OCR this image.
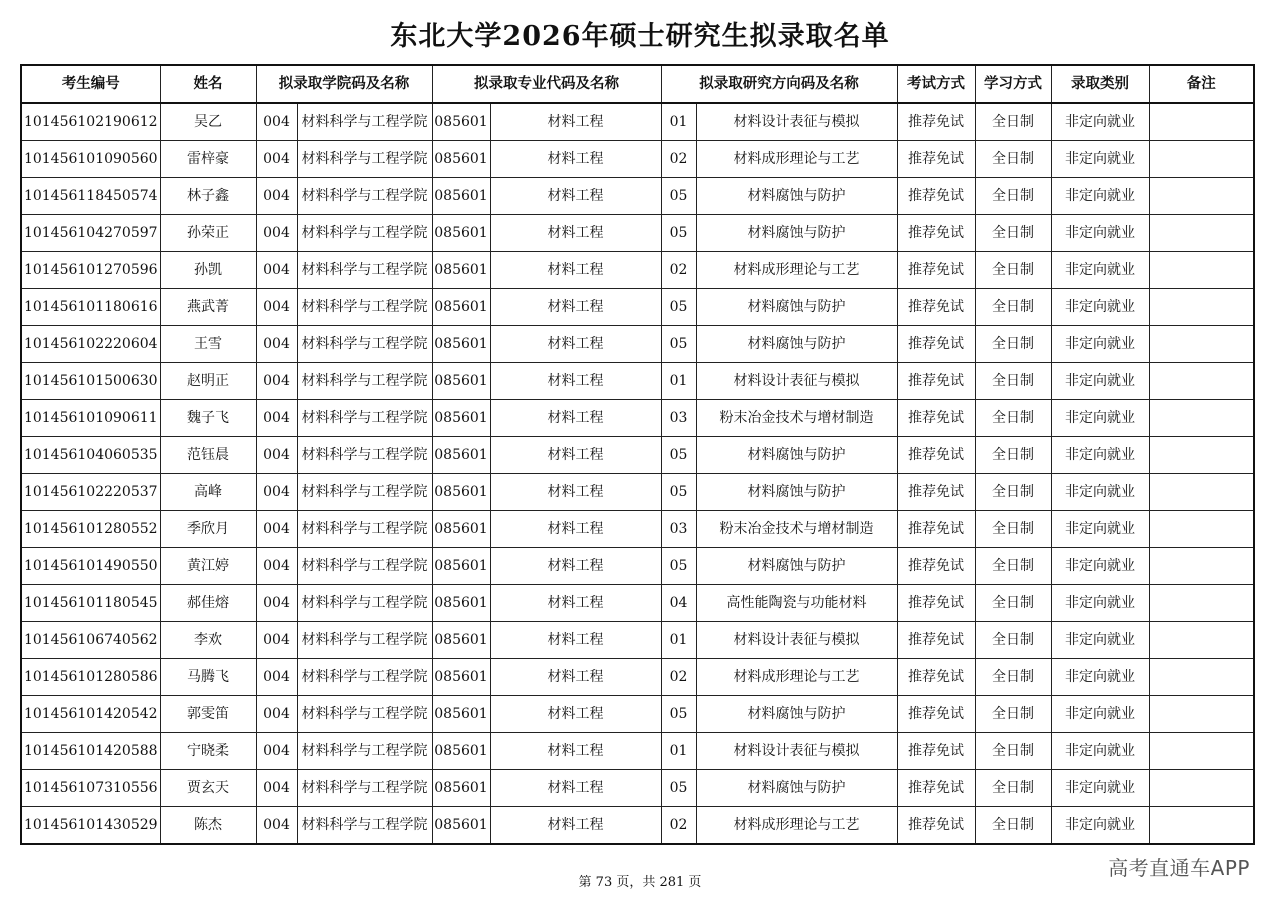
东北大学2026年硕士研究生拟录取名单
考生编号	姓名	拟录取学院码及名称		拟录取专业代码及名称		拟录取研究方向码及名称		考试方式	学习方式	录取类别	备注
101456102190612	吴乙	004	材料科学与工程学院	085601	材料工程	01	材料设计表征与模拟	推荐免试	全日制	非定向就业	
101456101090560	雷梓豪	004	材料科学与工程学院	085601	材料工程	02	材料成形理论与工艺	推荐免试	全日制	非定向就业	
101456118450574	林子鑫	004	材料科学与工程学院	085601	材料工程	05	材料腐蚀与防护	推荐免试	全日制	非定向就业	
101456104270597	孙荣正	004	材料科学与工程学院	085601	材料工程	05	材料腐蚀与防护	推荐免试	全日制	非定向就业	
101456101270596	孙凯	004	材料科学与工程学院	085601	材料工程	02	材料成形理论与工艺	推荐免试	全日制	非定向就业	
101456101180616	燕武菁	004	材料科学与工程学院	085601	材料工程	05	材料腐蚀与防护	推荐免试	全日制	非定向就业	
101456102220604	王雪	004	材料科学与工程学院	085601	材料工程	05	材料腐蚀与防护	推荐免试	全日制	非定向就业	
101456101500630	赵明正	004	材料科学与工程学院	085601	材料工程	01	材料设计表征与模拟	推荐免试	全日制	非定向就业	
101456101090611	魏子飞	004	材料科学与工程学院	085601	材料工程	03	粉末冶金技术与增材制造	推荐免试	全日制	非定向就业	
101456104060535	范钰晨	004	材料科学与工程学院	085601	材料工程	05	材料腐蚀与防护	推荐免试	全日制	非定向就业	
101456102220537	高峰	004	材料科学与工程学院	085601	材料工程	05	材料腐蚀与防护	推荐免试	全日制	非定向就业	
101456101280552	季欣月	004	材料科学与工程学院	085601	材料工程	03	粉末冶金技术与增材制造	推荐免试	全日制	非定向就业	
101456101490550	黄江婷	004	材料科学与工程学院	085601	材料工程	05	材料腐蚀与防护	推荐免试	全日制	非定向就业	
101456101180545	郝佳熔	004	材料科学与工程学院	085601	材料工程	04	高性能陶瓷与功能材料	推荐免试	全日制	非定向就业	
101456106740562	李欢	004	材料科学与工程学院	085601	材料工程	01	材料设计表征与模拟	推荐免试	全日制	非定向就业	
101456101280586	马腾飞	004	材料科学与工程学院	085601	材料工程	02	材料成形理论与工艺	推荐免试	全日制	非定向就业	
101456101420542	郭雯笛	004	材料科学与工程学院	085601	材料工程	05	材料腐蚀与防护	推荐免试	全日制	非定向就业	
101456101420588	宁晓柔	004	材料科学与工程学院	085601	材料工程	01	材料设计表征与模拟	推荐免试	全日制	非定向就业	
101456107310556	贾玄天	004	材料科学与工程学院	085601	材料工程	05	材料腐蚀与防护	推荐免试	全日制	非定向就业	
101456101430529	陈杰	004	材料科学与工程学院	085601	材料工程	02	材料成形理论与工艺	推荐免试	全日制	非定向就业	
第 73 页，共 281 页
高考直通车APP
